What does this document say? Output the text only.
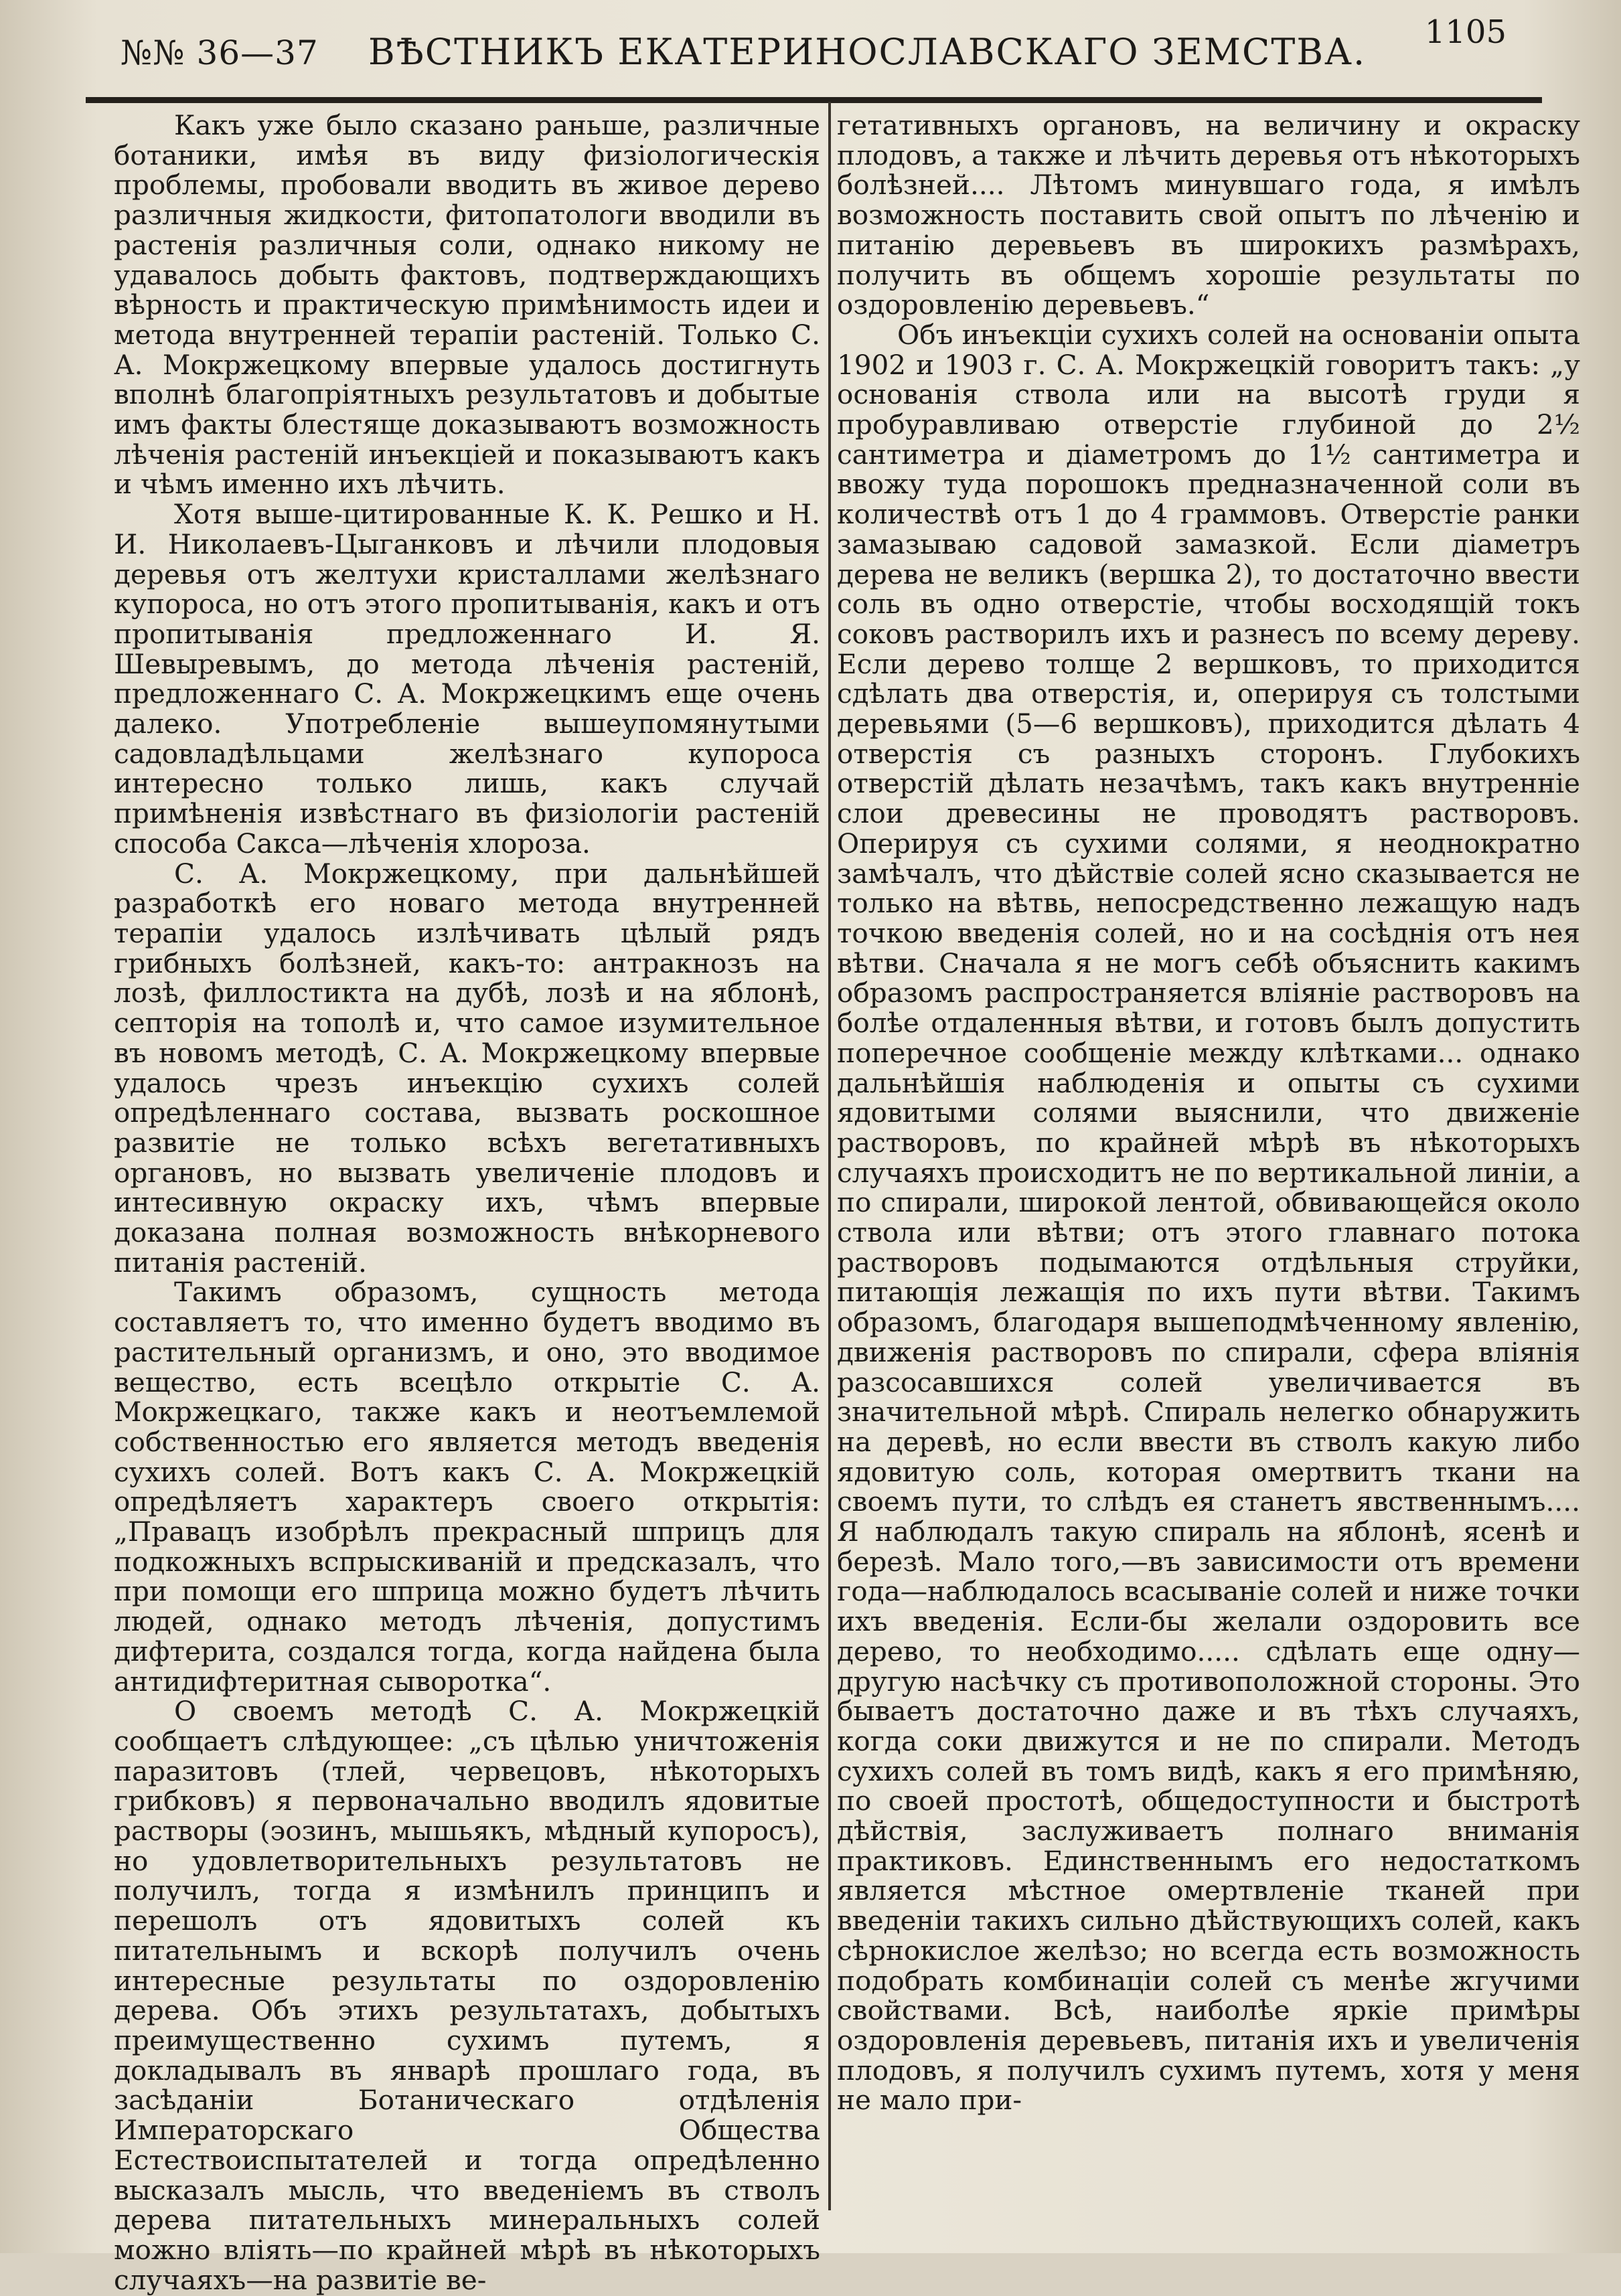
№№ 36—37 ВѢСТНИКЪ ЕКАТЕРИНОСЛАВСКАГО ЗЕМСТВА. 1105

Какъ уже было сказано раньше, различные ботаники, имѣя въ виду физiологическiя проблемы, пробовали вводить въ живое дерево различныя жидкости, фитопатологи вводили въ растенiя различныя соли, однако никому не удавалось добыть фактовъ, подтверждающихъ вѣрность и практическую примѣнимость идеи и метода внутренней терапiи растенiй. Только С. А. Мокржецкому впервые удалось достигнуть вполнѣ благопрiятныхъ результатовъ и добытые имъ факты блестяще доказываютъ возможность лѣченiя растенiй инъекцiей и показываютъ какъ и чѣмъ именно ихъ лѣчить.

Хотя выше-цитированные К. К. Решко и Н. И. Николаевъ-Цыганковъ и лѣчили плодовыя деревья отъ желтухи кристаллами желѣзнаго купороса, но отъ этого пропитыванiя, какъ и отъ пропитыванiя предложеннаго И. Я. Шевыревымъ, до метода лѣченiя растенiй, предложеннаго С. А. Мокржецкимъ еще очень далеко. Употребленiе вышеупомянутыми садовладѣльцами желѣзнаго купороса интересно только лишь, какъ случай примѣненiя извѣстнаго въ физiологiи растенiй способа Сакса—лѣченiя хлороза.

С. А. Мокржецкому, при дальнѣйшей разработкѣ его новаго метода внутренней терапiи удалось излѣчивать цѣлый рядъ грибныхъ болѣзней, какъ-то: антракнозъ на лозѣ, филлостикта на дубѣ, лозѣ и на яблонѣ, септорiя на тополѣ и, что самое изумительное въ новомъ методѣ, С. А. Мокржецкому впервые удалось чрезъ инъекцiю сухихъ солей опредѣленнаго состава, вызвать роскошное развитiе не только всѣхъ вегетативныхъ органовъ, но вызвать увеличенiе плодовъ и интесивную окраску ихъ, чѣмъ впервые доказана полная возможность внѣкорневого питанiя растенiй.

Такимъ образомъ, сущность метода составляетъ то, что именно будетъ вводимо въ растительный организмъ, и оно, это вводимое вещество, есть всецѣло открытiе С. А. Мокржецкаго, также какъ и неотъемлемой собственностью его является методъ введенiя сухихъ солей. Вотъ какъ С. А. Мокржецкiй опредѣляетъ характеръ своего открытiя: „Правацъ изобрѣлъ прекрасный шприцъ для подкожныхъ вспрыскиванiй и предсказалъ, что при помощи его шприца можно будетъ лѣчить людей, однако методъ лѣченiя, допустимъ дифтерита, создался тогда, когда найдена была антидифтеритная сыворотка“.

О своемъ методѣ С. А. Мокржецкiй сообщаетъ слѣдующее: „съ цѣлью уничтоженiя паразитовъ (тлей, червецовъ, нѣкоторыхъ грибковъ) я первоначально вводилъ ядовитые растворы (эозинъ, мышьякъ, мѣдный купоросъ), но удовлетворительныхъ результатовъ не получилъ, тогда я измѣнилъ принципъ и перешолъ отъ ядовитыхъ солей къ питательнымъ и вскорѣ получилъ очень интересные результаты по оздоровленiю дерева. Объ этихъ результатахъ, добытыхъ преимущественно сухимъ путемъ, я докладывалъ въ январѣ прошлаго года, въ засѣданiи Ботаническаго отдѣленiя Императорскаго Общества Естествоиспытателей и тогда опредѣленно высказалъ мысль, что введенiемъ въ стволъ дерева питательныхъ минеральныхъ солей можно влiять—по крайней мѣрѣ въ нѣкоторыхъ случаяхъ—на развитiе ве-

гетативныхъ органовъ, на величину и окраску плодовъ, а также и лѣчить деревья отъ нѣкоторыхъ болѣзней.... Лѣтомъ минувшаго года, я имѣлъ возможность поставить свой опытъ по лѣченiю и питанiю деревьевъ въ широкихъ размѣрахъ, получить въ общемъ хорошiе результаты по оздоровленiю деревьевъ.“

Объ инъекцiи сухихъ солей на основанiи опыта 1902 и 1903 г. С. А. Мокржецкiй говоритъ такъ: „у основанiя ствола или на высотѣ груди я пробуравливаю отверстiе глубиной до 2½ сантиметра и дiаметромъ до 1½ сантиметра и ввожу туда порошокъ предназначенной соли въ количествѣ отъ 1 до 4 граммовъ. Отверстiе ранки замазываю садовой замазкой. Если дiаметръ дерева не великъ (вершка 2), то достаточно ввести соль въ одно отверстiе, чтобы восходящiй токъ соковъ растворилъ ихъ и разнесъ по всему дереву. Если дерево толще 2 вершковъ, то приходится сдѣлать два отверстiя, и, оперируя съ толстыми деревьями (5—6 вершковъ), приходится дѣлать 4 отверстiя съ разныхъ сторонъ. Глубокихъ отверстiй дѣлать незачѣмъ, такъ какъ внутреннiе слои древесины не проводятъ растворовъ. Оперируя съ сухими солями, я неоднократно замѣчалъ, что дѣйствiе солей ясно сказывается не только на вѣтвь, непосредственно лежащую надъ точкою введенiя солей, но и на сосѣднiя отъ нея вѣтви. Сначала я не могъ себѣ объяснить какимъ образомъ распространяется влiянiе растворовъ на болѣе отдаленныя вѣтви, и готовъ былъ допустить поперечное сообщенiе между клѣтками... однако дальнѣйшiя наблюденiя и опыты съ сухими ядовитыми солями выяснили, что движенiе растворовъ, по крайней мѣрѣ въ нѣкоторыхъ случаяхъ происходитъ не по вертикальной линiи, а по спирали, широкой лентой, обвивающейся около ствола или вѣтви; отъ этого главнаго потока растворовъ подымаются отдѣльныя струйки, питающiя лежащiя по ихъ пути вѣтви. Такимъ образомъ, благодаря вышеподмѣченному явленiю, движенiя растворовъ по спирали, сфера влiянiя разсосавшихся солей увеличивается въ значительной мѣрѣ. Спираль нелегко обнаружить на деревѣ, но если ввести въ стволъ какую либо ядовитую соль, которая омертвитъ ткани на своемъ пути, то слѣдъ ея станетъ явственнымъ.... Я наблюдалъ такую спираль на яблонѣ, ясенѣ и березѣ. Мало того,—въ зависимости отъ времени года—наблюдалось всасыванiе солей и ниже точки ихъ введенiя. Если-бы желали оздоровить все дерево, то необходимо..... сдѣлать еще одну—другую насѣчку съ противоположной стороны. Это бываетъ достаточно даже и въ тѣхъ случаяхъ, когда соки движутся и не по спирали. Методъ сухихъ солей въ томъ видѣ, какъ я его примѣняю, по своей простотѣ, общедоступности и быстротѣ дѣйствiя, заслуживаетъ полнаго вниманiя практиковъ. Единственнымъ его недостаткомъ является мѣстное омертвленiе тканей при введенiи такихъ сильно дѣйствующихъ солей, какъ сѣрнокислое желѣзо; но всегда есть возможность подобрать комбинацiи солей съ менѣе жгучими свойствами. Всѣ, наиболѣе яркiе примѣры оздоровленiя деревьевъ, питанiя ихъ и увеличенiя плодовъ, я получилъ сухимъ путемъ, хотя у меня не мало при-
